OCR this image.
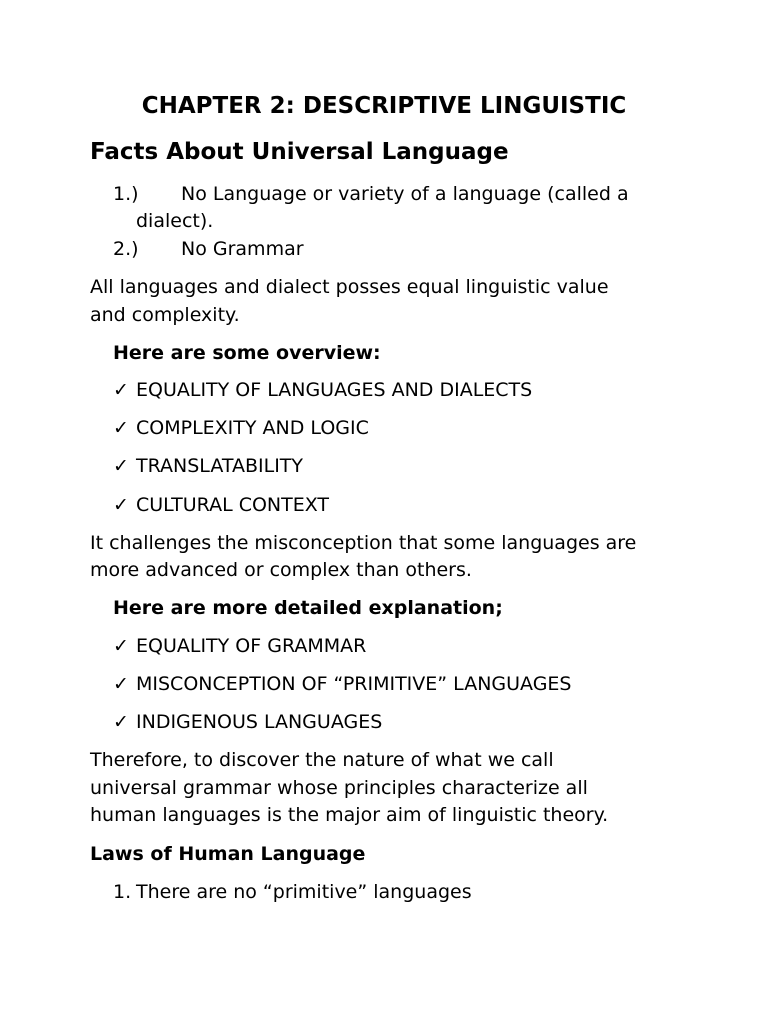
CHAPTER 2: DESCRIPTIVE LINGUISTIC
Facts About Universal Language
1.) No Language or variety of a language (called a
dialect).
2.) No Grammar
All languages and dialect posses equal linguistic value
and complexity.
Here are some overview:
✓ EQUALITY OF LANGUAGES AND DIALECTS
✓ COMPLEXITY AND LOGIC
✓ TRANSLATABILITY
✓ CULTURAL CONTEXT
It challenges the misconception that some languages are
more advanced or complex than others.
Here are more detailed explanation;
✓ EQUALITY OF GRAMMAR
✓ MISCONCEPTION OF “PRIMITIVE” LANGUAGES
✓ INDIGENOUS LANGUAGES
Therefore, to discover the nature of what we call
universal grammar whose principles characterize all
human languages is the major aim of linguistic theory.
Laws of Human Language
1. There are no “primitive” languages
